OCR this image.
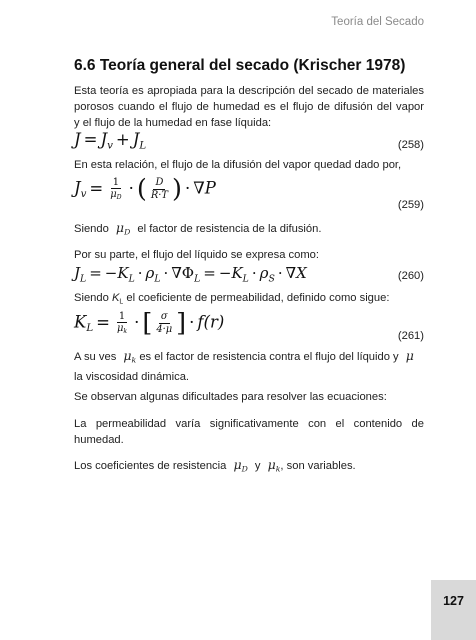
Teoría del Secado
6.6 Teoría general del secado (Krischer 1978)
Esta teoría es apropiada para la descripción del secado de materiales
porosos cuando el flujo de humedad es el flujo de difusión del vapor
y el flujo de la humedad en fase líquida:
$J = J_v + J_L$	(258)
En esta relación, el flujo de la difusión del vapor quedad dado por,
$J_v = \frac{1}{\mu_D}$ · ( $\frac{D}{R\cdot T}$ ) · ∇P
(259)
Siendo  $\mu_D$ el factor de resistencia de la difusión.
Por su parte, el flujo del líquido se expresa como:
$J_L = -K_L \cdot \rho_L \cdot \nabla\Phi_L = -K_L \cdot \rho_S \cdot \nabla X$	(260)
Siendo $K_L$ el coeficiente de permeabilidad, definido como sigue:
$K_L = \frac{1}{\mu_k}$ · [ $\frac{\sigma}{4\cdot\mu}$ ] · f(r)
(261)
A su ves  $\mu_k$ es el factor de resistencia contra el flujo del líquido y  μ
la viscosidad dinámica.
Se observan algunas dificultades para resolver las ecuaciones:
La permeabilidad varía significativamente con el contenido de
humedad.
Los coeficientes de resistencia  $\mu_D$ y  $\mu_k$, son variables.
127
